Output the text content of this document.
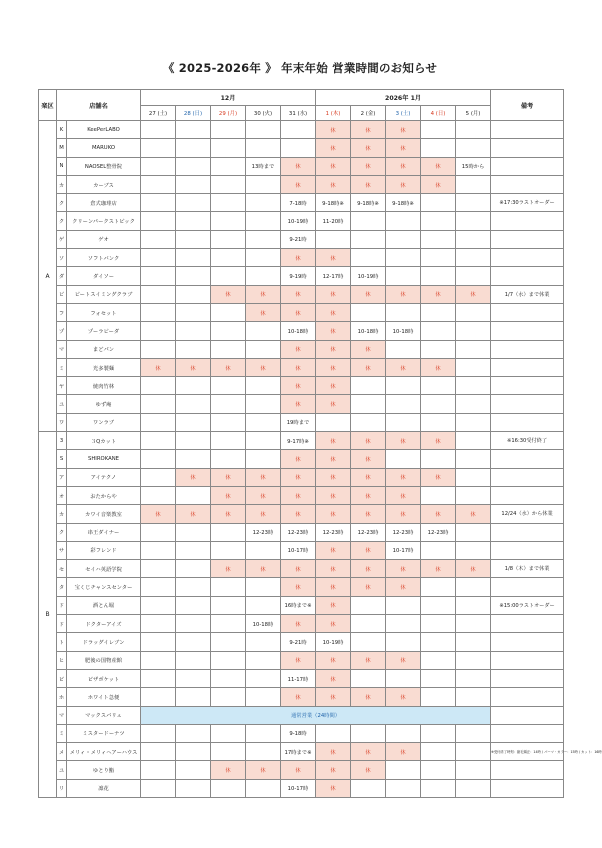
《 2025-2026年 》 年末年始 営業時間のお知らせ
楽区	店舗名		12月					2026年 1月					備考
			27 (土)	28 (日)	29 (月)	30 (火)	31 (水)	1 (木)	2 (金)	3 (土)	4 (日)	5 (月)	
A	K	KeePerLABO						休	休	休			
	M	MARUKO						休	休	休			
	N	NAOSEL整骨院				13時まで	休	休	休	休	休	15時から	
	カ	カーブス					休	休	休	休	休		
	ク	倉式珈琲店					7-18時	9-18時※	9-18時※	9-18時※			※17:30ラストオーダー
	ク	クリーンパークストピック					10-19時	11-20時					
	ゲ	ゲオ					9-21時						
	ソ	ソフトバンク					休	休					
	ダ	ダイソー					9-19時	12-17時	10-19時				
	ビ	ビートスイミングクラブ			休	休	休	休	休	休	休	休	1/7（水）まで休業
	フ	フォセット				休	休	休					
	プ	プーラビーダ					10-18時	休	10-18時	10-18時			
	マ	まどパン					休	休	休				
	ミ	光多製麺	休	休	休	休	休	休	休	休	休		
	ヤ	焼肉竹林					休	休					
	ユ	ゆず庵					休	休					
	ワ	ワンラブ					19時まで						
B	3	３Qカット					9-17時※	休	休	休	休		※16:30受付終了
	S	SHIROKANE					休	休	休				
	ア	アイテクノ		休	休	休	休	休	休	休	休		
	オ	おたからや			休	休	休	休	休	休			
	カ	カワイ音楽教室	休	休	休	休	休	休	休	休	休	休	12/24（水）から休業
	ク	串王ダイナー				12-23時	12-23時	12-23時	12-23時	12-23時	12-23時		
	サ	彩フレンド					10-17時	休	休	10-17時			
	セ	セイハ英語学院			休	休	休	休	休	休	休	休	1/8（木）まで休業
	タ	宝くじチャンスセンター					休	休	休	休			
	ド	酒とん堀					16時まで※	休					※15:00ラストオーダー
	ド	ドクターアイズ				10-18時	休	休					
	ト	ドラッグイレブン					9-21時	10-19時					
	ヒ	肥後の国物産館					休	休	休	休			
	ピ	ピザポケット					11-17時	休					
	ホ	ホワイト急便					休	休	休	休			
	マ	マックスバリュ	通常営業（24時間）										
	ミ	ミスタードーナツ					9-18時						
	メ	メリィ・メリィヘアーハウス					17時まで※	休	休	休			※受付終了時刻：縮毛矯正：14時 / パーマ・カラー：15時 / カット：16時
	ユ	ゆとり鮨			休	休	休	休	休				
	リ	凛花					10-17時	休					
